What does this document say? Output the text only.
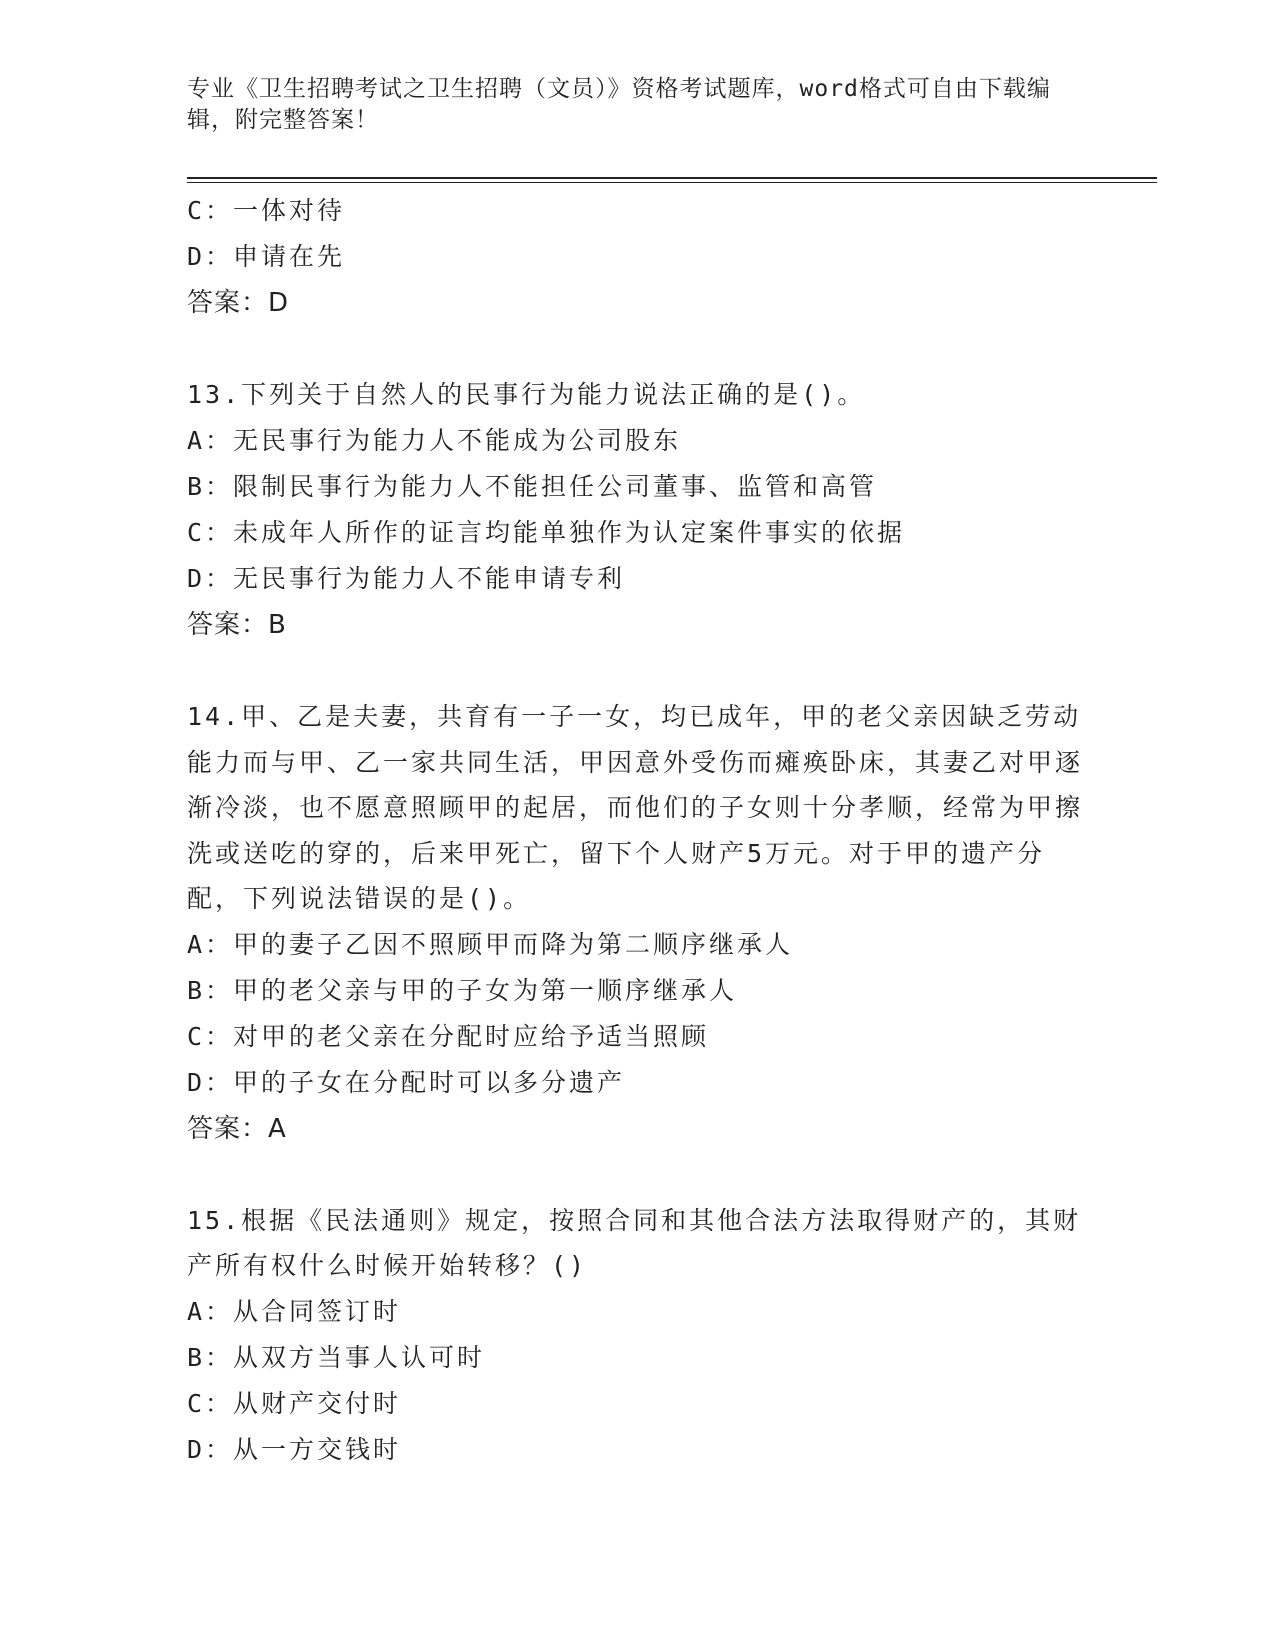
专业《卫生招聘考试之卫生招聘（文员）》资格考试题库，word格式可自由下载编辑，附完整答案！
C：一体对待
D：申请在先
答案：D
13.下列关于自然人的民事行为能力说法正确的是()。
A：无民事行为能力人不能成为公司股东
B：限制民事行为能力人不能担任公司董事、监管和高管
C：未成年人所作的证言均能单独作为认定案件事实的依据
D：无民事行为能力人不能申请专利
答案：B
14.甲、乙是夫妻，共育有一子一女，均已成年，甲的老父亲因缺乏劳动能力而与甲、乙一家共同生活，甲因意外受伤而瘫痪卧床，其妻乙对甲逐渐冷淡，也不愿意照顾甲的起居，而他们的子女则十分孝顺，经常为甲擦洗或送吃的穿的，后来甲死亡，留下个人财产5万元。对于甲的遗产分配，下列说法错误的是()。
A：甲的妻子乙因不照顾甲而降为第二顺序继承人
B：甲的老父亲与甲的子女为第一顺序继承人
C：对甲的老父亲在分配时应给予适当照顾
D：甲的子女在分配时可以多分遗产
答案：A
15.根据《民法通则》规定，按照合同和其他合法方法取得财产的，其财产所有权什么时候开始转移？()
A：从合同签订时
B：从双方当事人认可时
C：从财产交付时
D：从一方交钱时
